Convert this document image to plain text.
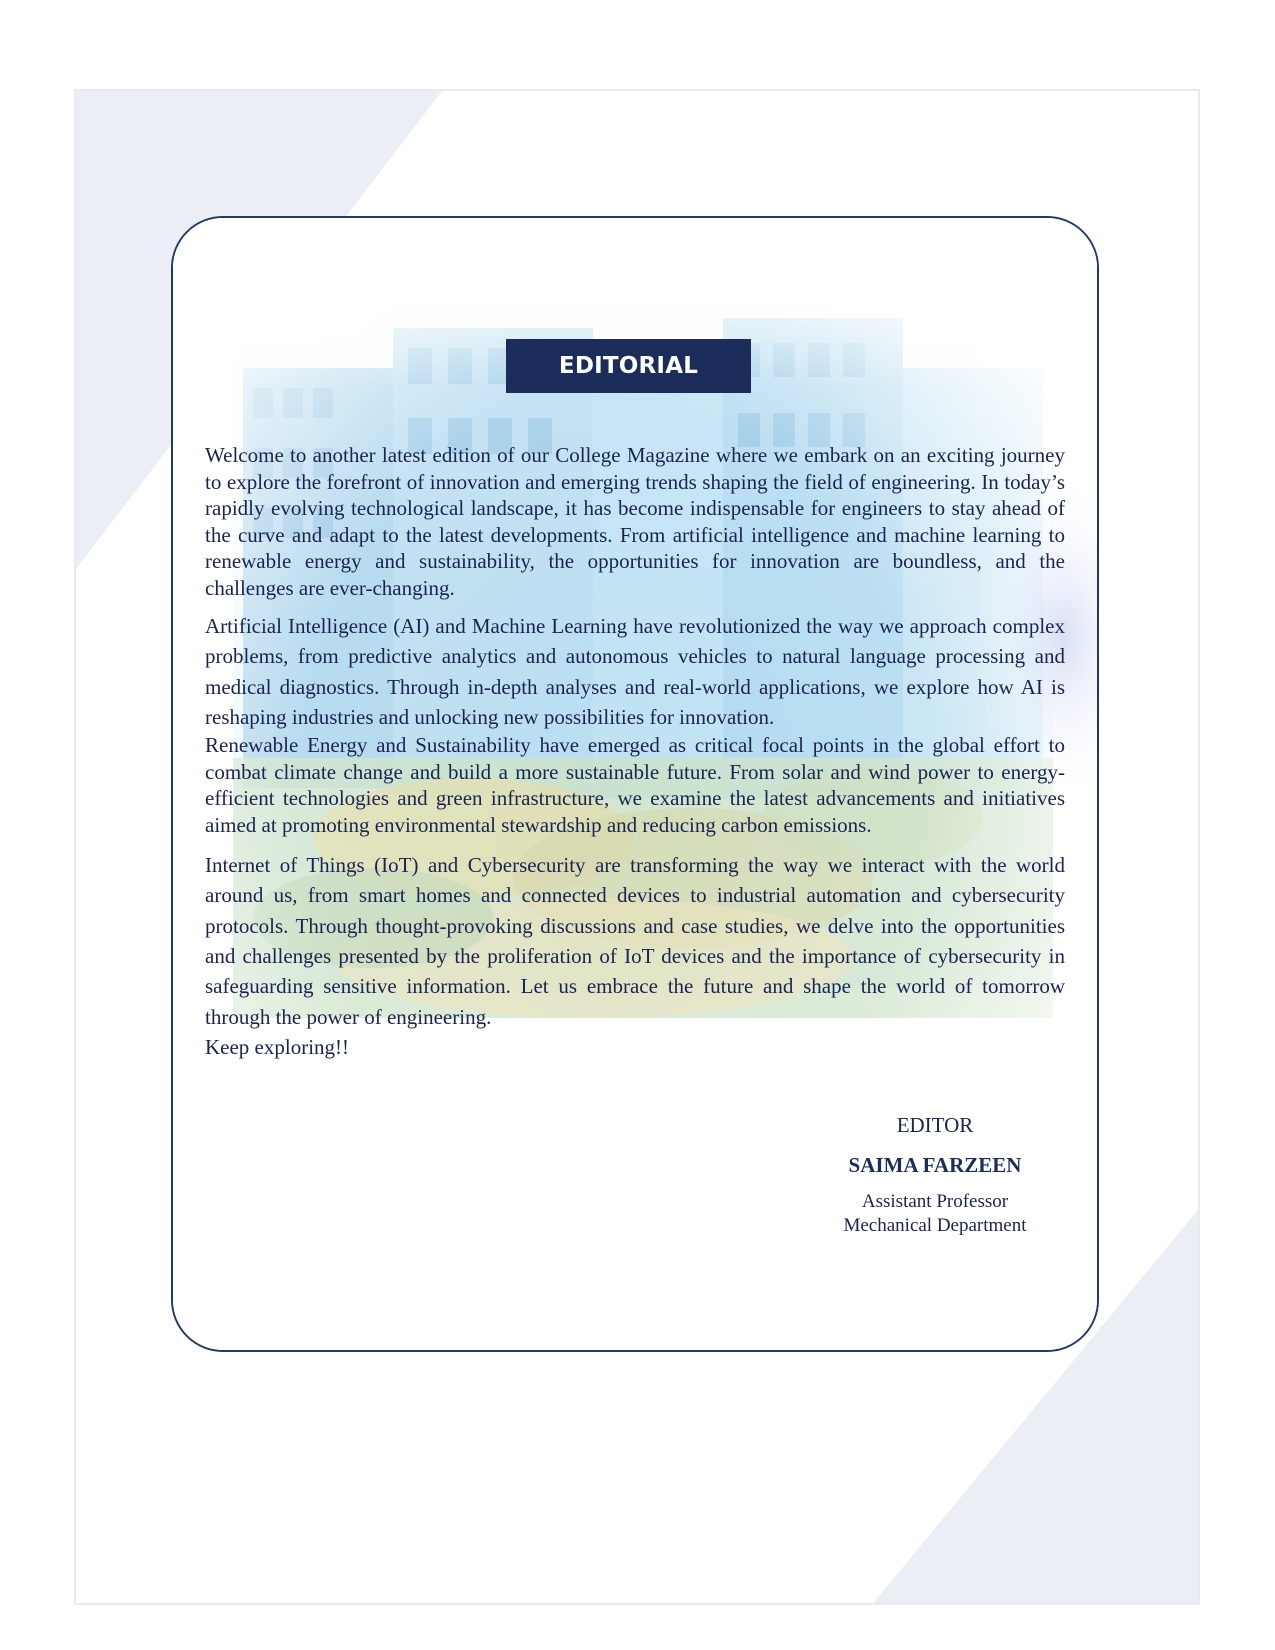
EDITORIAL

Welcome to another latest edition of our College Magazine where we embark on an exciting journey to explore the forefront of innovation and emerging trends shaping the field of engineering. In today’s rapidly evolving technological landscape, it has become indispensable for engineers to stay ahead of the curve and adapt to the latest developments. From artificial intelligence and machine learning to renewable energy and sustainability, the opportunities for innovation are boundless, and the challenges are ever-changing.

Artificial Intelligence (AI) and Machine Learning have revolutionized the way we approach complex problems, from predictive analytics and autonomous vehicles to natural language processing and medical diagnostics. Through in-depth analyses and real-world applications, we explore how AI is reshaping industries and unlocking new possibilities for innovation.

Renewable Energy and Sustainability have emerged as critical focal points in the global effort to combat climate change and build a more sustainable future. From solar and wind power to energy-efficient technologies and green infrastructure, we examine the latest advancements and initiatives aimed at promoting environmental stewardship and reducing carbon emissions.

Internet of Things (IoT) and Cybersecurity are transforming the way we interact with the world around us, from smart homes and connected devices to industrial automation and cybersecurity protocols. Through thought-provoking discussions and case studies, we delve into the opportunities and challenges presented by the proliferation of IoT devices and the importance of cybersecurity in safeguarding sensitive information. Let us embrace the future and shape the world of tomorrow through the power of engineering.

Keep exploring!!

EDITOR
SAIMA FARZEEN
Assistant Professor
Mechanical Department
